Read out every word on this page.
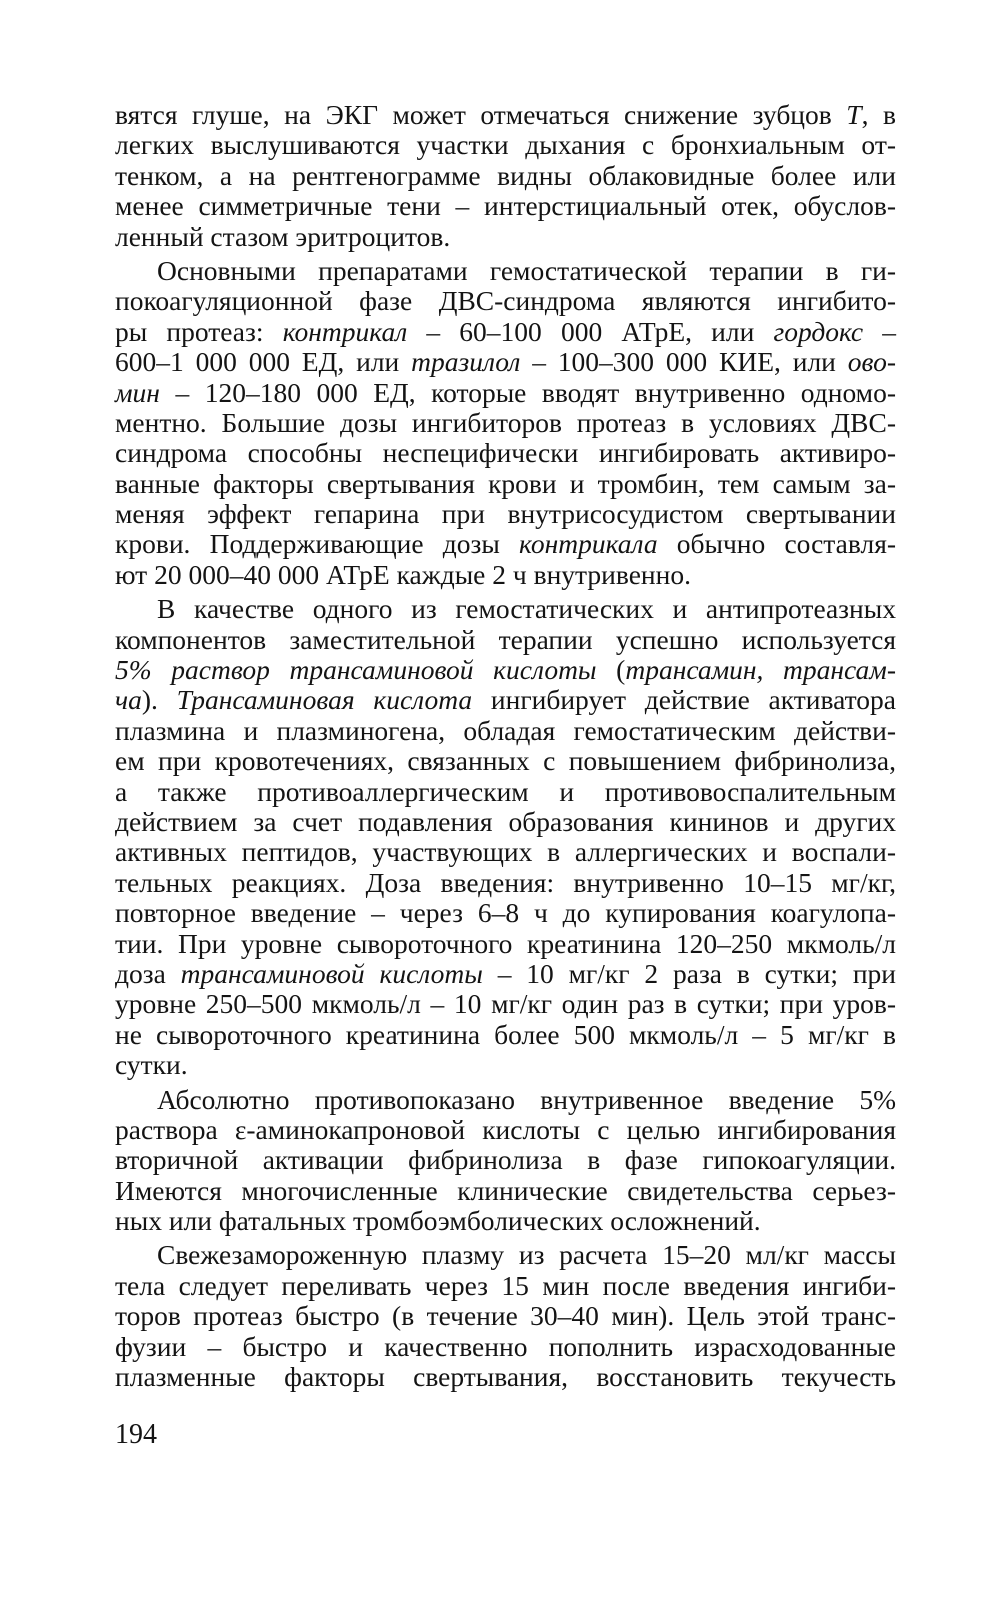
вятся глуше, на ЭКГ может отмечаться снижение зубцов Т, в
легких выслушиваются участки дыхания с бронхиальным от-
тенком, а на рентгенограмме видны облаковидные более или
менее симметричные тени – интерстициальный отек, обуслов-
ленный стазом эритроцитов.
Основными препаратами гемостатической терапии в ги-
покоагуляционной фазе ДВС-синдрома являются ингибито-
ры протеаз: контрикал – 60–100 000 АТрЕ, или гордокс –
600–1 000 000 ЕД, или тразилол – 100–300 000 КИЕ, или ово-
мин – 120–180 000 ЕД, которые вводят внутривенно одномо-
ментно. Большие дозы ингибиторов протеаз в условиях ДВС-
синдрома способны неспецифически ингибировать активиро-
ванные факторы свертывания крови и тромбин, тем самым за-
меняя эффект гепарина при внутрисосудистом свертывании
крови. Поддерживающие дозы контрикала обычно составля-
ют 20 000–40 000 АТрЕ каждые 2 ч внутривенно.
В качестве одного из гемостатических и антипротеазных
компонентов заместительной терапии успешно используется
5% раствор трансаминовой кислоты (трансамин, трансам-
ча). Трансаминовая кислота ингибирует действие активатора
плазмина и плазминогена, обладая гемостатическим действи-
ем при кровотечениях, связанных с повышением фибринолиза,
а также противоаллергическим и противовоспалительным
действием за счет подавления образования кининов и других
активных пептидов, участвующих в аллергических и воспали-
тельных реакциях. Доза введения: внутривенно 10–15 мг/кг,
повторное введение – через 6–8 ч до купирования коагулопа-
тии. При уровне сывороточного креатинина 120–250 мкмоль/л
доза трансаминовой кислоты – 10 мг/кг 2 раза в сутки; при
уровне 250–500 мкмоль/л – 10 мг/кг один раз в сутки; при уров-
не сывороточного креатинина более 500 мкмоль/л – 5 мг/кг в
сутки.
Абсолютно противопоказано внутривенное введение 5%
раствора ε-аминокапроновой кислоты с целью ингибирования
вторичной активации фибринолиза в фазе гипокоагуляции.
Имеются многочисленные клинические свидетельства серьез-
ных или фатальных тромбоэмболических осложнений.
Свежезамороженную плазму из расчета 15–20 мл/кг массы
тела следует переливать через 15 мин после введения ингиби-
торов протеаз быстро (в течение 30–40 мин). Цель этой транс-
фузии – быстро и качественно пополнить израсходованные
плазменные факторы свертывания, восстановить текучесть
194
